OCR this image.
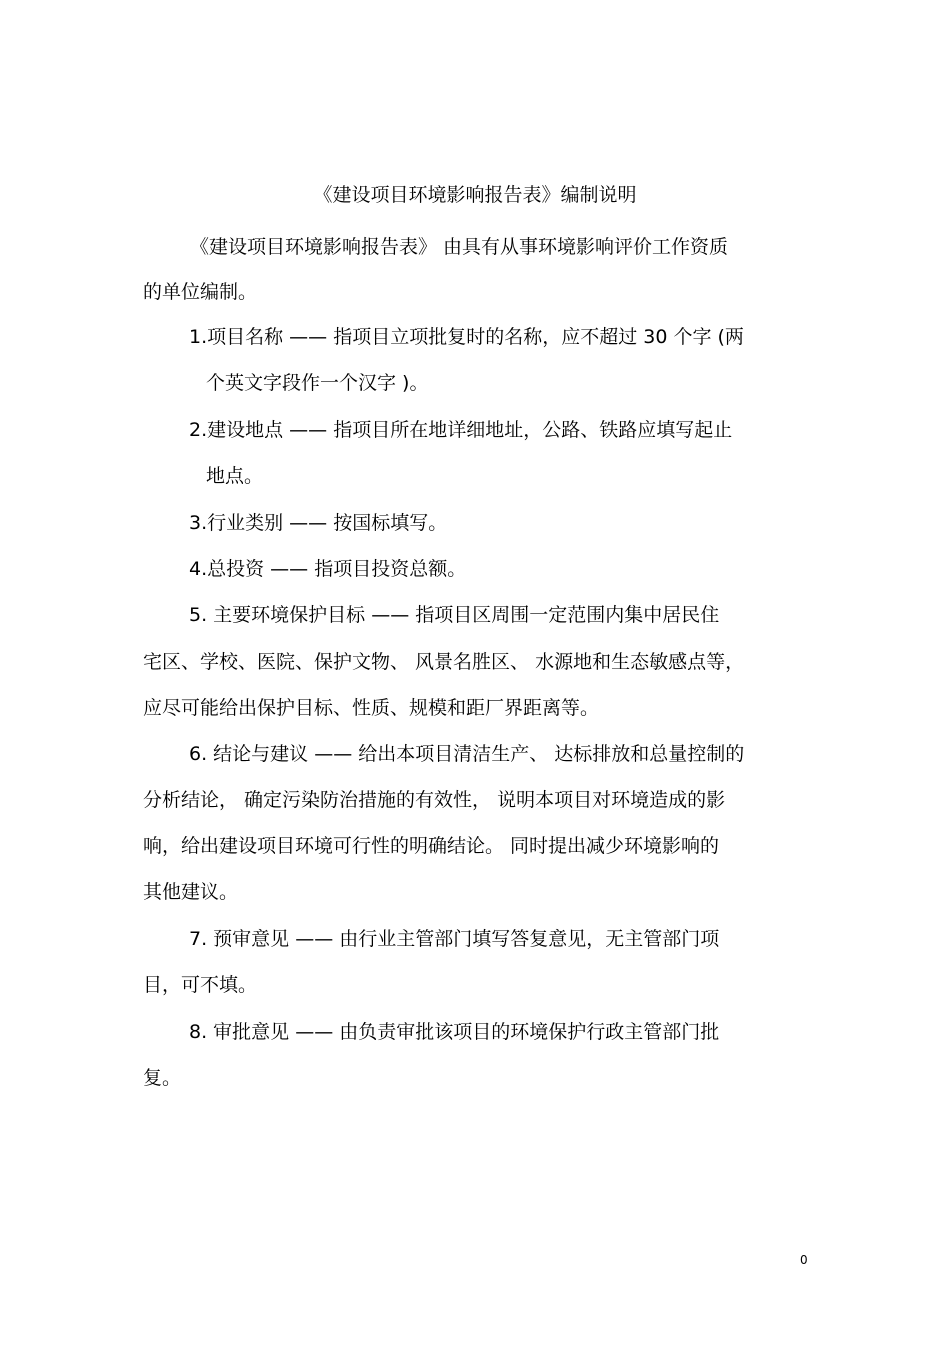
《建设项目环境影响报告表》编制说明

《建设项目环境影响报告表》 由具有从事环境影响评价工作资质

的单位编制。

1.项目名称 —— 指项目立项批复时的名称，应不超过 30 个字 (两

个英文字段作一个汉字 )。

2.建设地点 —— 指项目所在地详细地址，公路、铁路应填写起止

地点。

3.行业类别 —— 按国标填写。

4.总投资 —— 指项目投资总额。

5. 主要环境保护目标 —— 指项目区周围一定范围内集中居民住

宅区、学校、医院、保护文物、 风景名胜区、 水源地和生态敏感点等，

应尽可能给出保护目标、性质、规模和距厂界距离等。

6. 结论与建议 —— 给出本项目清洁生产、 达标排放和总量控制的

分析结论， 确定污染防治措施的有效性， 说明本项目对环境造成的影

响，给出建设项目环境可行性的明确结论。 同时提出减少环境影响的

其他建议。

7. 预审意见 —— 由行业主管部门填写答复意见，无主管部门项

目，可不填。

8. 审批意见 —— 由负责审批该项目的环境保护行政主管部门批

复。

0
